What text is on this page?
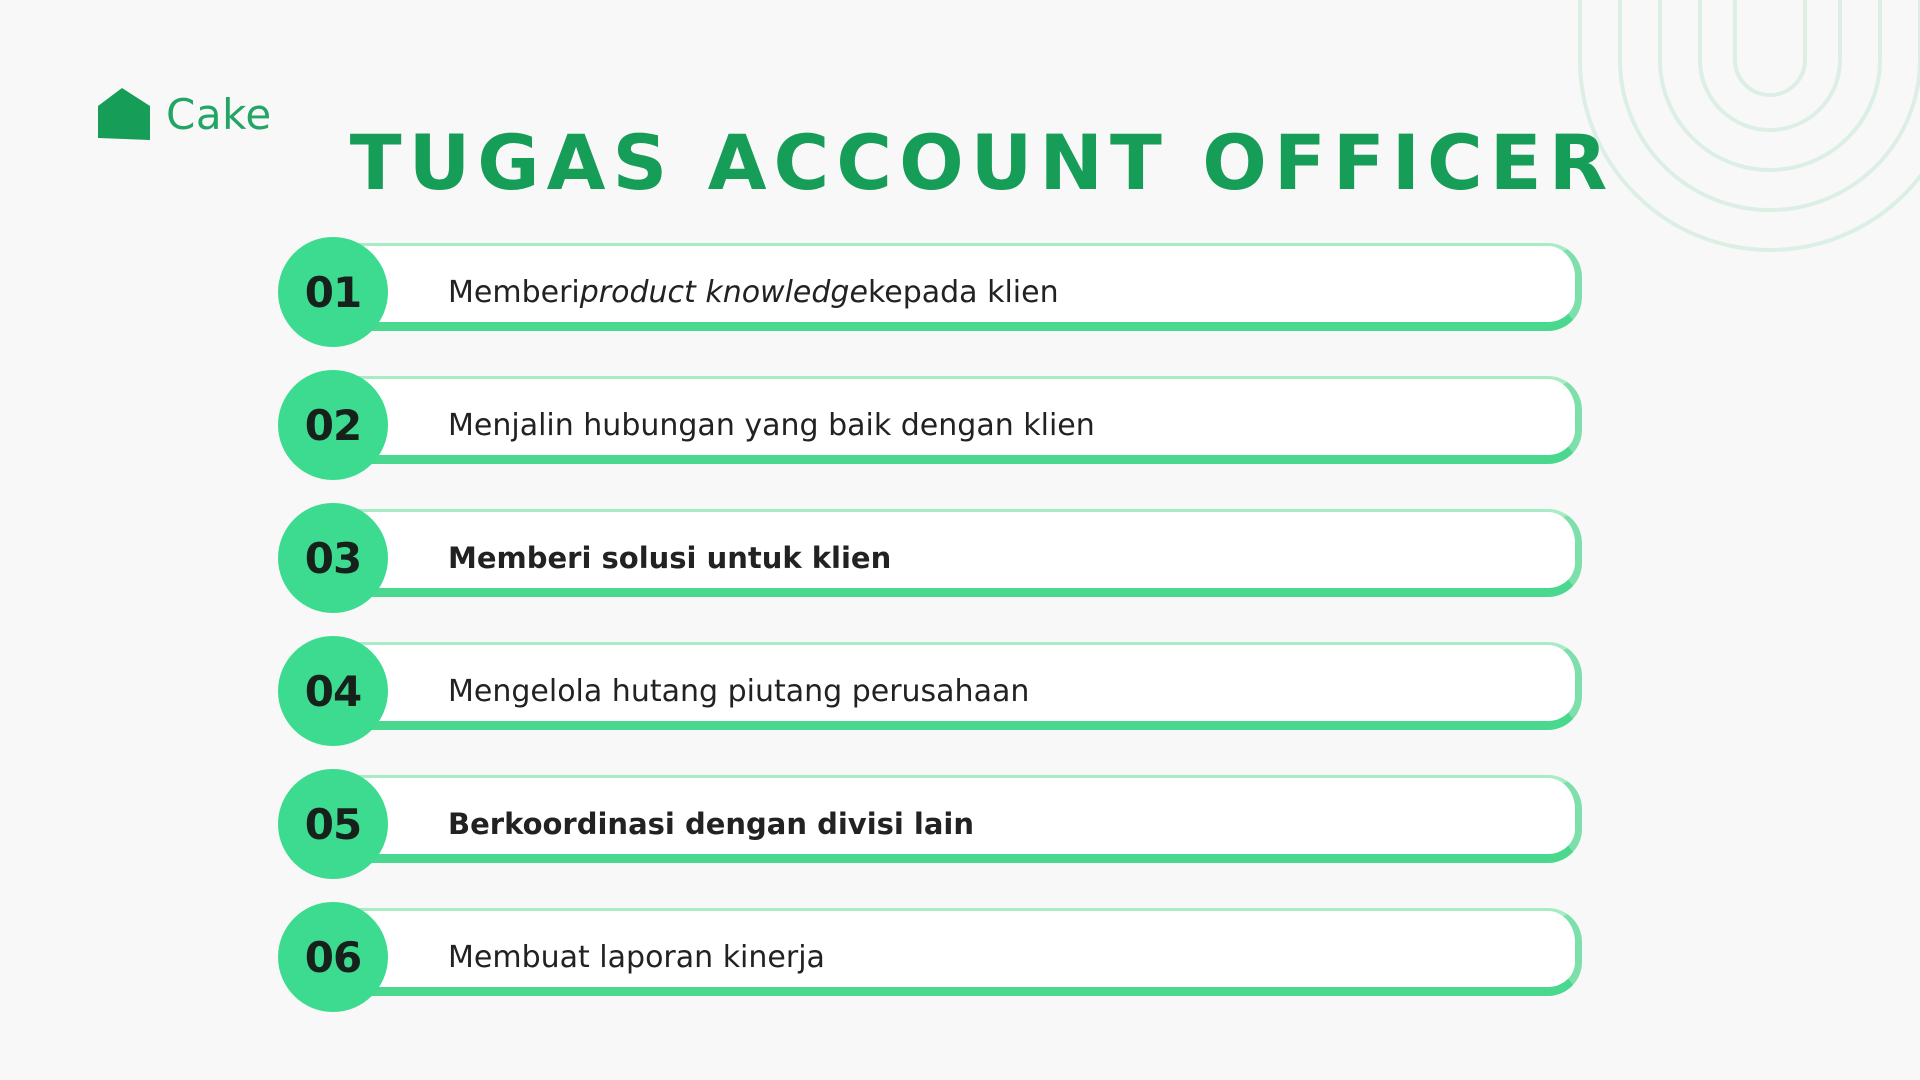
Cake
TUGAS ACCOUNT OFFICER
01	Memberi product knowledge kepada klien
02	Menjalin hubungan yang baik dengan klien
03	Memberi solusi untuk klien
04	Mengelola hutang piutang perusahaan
05	Berkoordinasi dengan divisi lain
06	Membuat laporan kinerja
